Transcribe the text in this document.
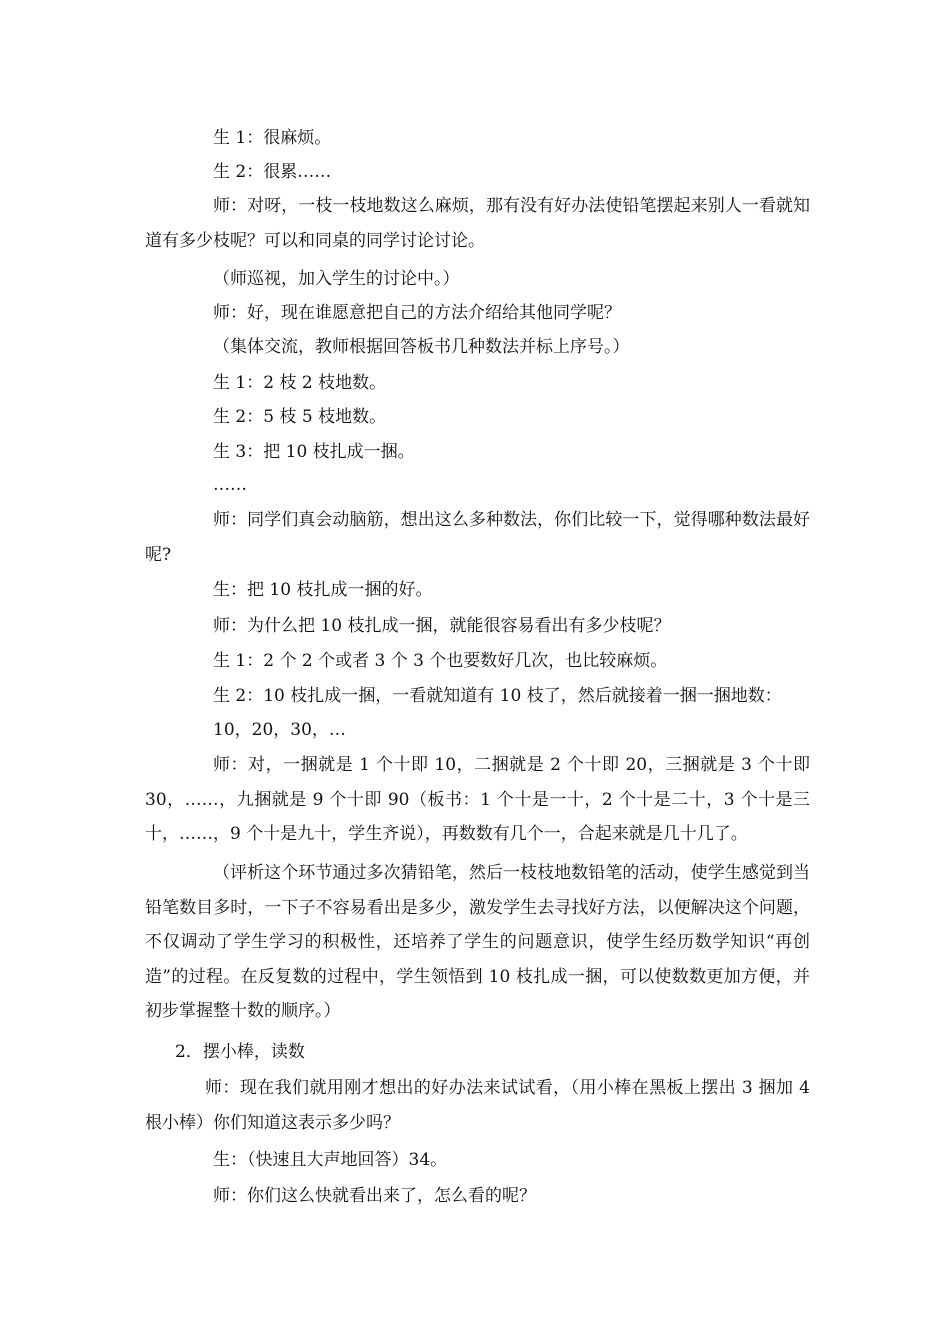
生 1：很麻烦。

生 2：很累……

师：对呀，一枝一枝地数这么麻烦，那有没有好办法使铅笔摆起来别人一看就知道有多少枝呢？可以和同桌的同学讨论讨论。

（师巡视，加入学生的讨论中。）

师：好，现在谁愿意把自己的方法介绍给其他同学呢？

（集体交流，教师根据回答板书几种数法并标上序号。）

生 1：2 枝 2 枝地数。

生 2：5 枝 5 枝地数。

生 3：把 10 枝扎成一捆。

……

师：同学们真会动脑筋，想出这么多种数法，你们比较一下，觉得哪种数法最好呢?

生：把 10 枝扎成一捆的好。

师：为什么把 10 枝扎成一捆，就能很容易看出有多少枝呢？

生 1：2 个 2 个或者 3 个 3 个也要数好几次，也比较麻烦。

生 2：10 枝扎成一捆，一看就知道有 10 枝了，然后就接着一捆一捆地数：

10，20，30，…

师：对，一捆就是 1 个十即 10，二捆就是 2 个十即 20，三捆就是 3 个十即 30，……，九捆就是 9 个十即 90（板书：1 个十是一十，2 个十是二十，3 个十是三十，……，9 个十是九十，学生齐说），再数数有几个一，合起来就是几十几了。

（评析这个环节通过多次猜铅笔，然后一枝枝地数铅笔的活动，使学生感觉到当铅笔数目多时，一下子不容易看出是多少，激发学生去寻找好方法，以便解决这个问题，不仅调动了学生学习的积极性，还培养了学生的问题意识，使学生经历数学知识“再创造”的过程。在反复数的过程中，学生领悟到 10 枝扎成一捆，可以使数数更加方便，并初步掌握整十数的顺序。）

2．摆小棒，读数

师：现在我们就用刚才想出的好办法来试试看，（用小棒在黑板上摆出 3 捆加 4 根小棒）你们知道这表示多少吗？

生：（快速且大声地回答）34。

师：你们这么快就看出来了，怎么看的呢？
